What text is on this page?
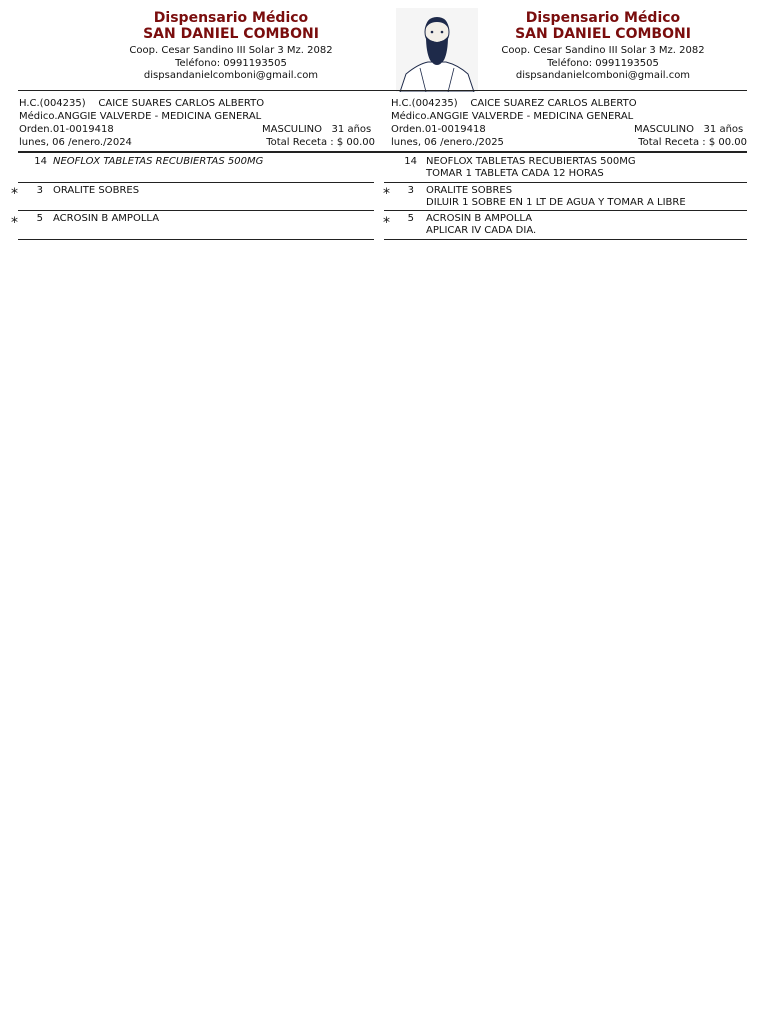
Dispensario Médico
SAN DANIEL COMBONI
Coop. Cesar Sandino III Solar 3 Mz. 2082
Teléfono: 0991193505
dispsandanielcomboni@gmail.com
Dispensario Médico
SAN DANIEL COMBONI
Coop. Cesar Sandino III Solar 3 Mz. 2082
Teléfono: 0991193505
dispsandanielcomboni@gmail.com
H.C.(004235) CAICE SUARES CARLOS ALBERTO
Médico.ANGGIE VALVERDE - MEDICINA GENERAL
Orden.01-0019418	MASCULINO 31 años
lunes, 06 /enero./2024	Total Receta : $ 00.00
H.C.(004235) CAICE SUAREZ CARLOS ALBERTO
Médico.ANGGIE VALVERDE - MEDICINA GENERAL
Orden.01-0019418	MASCULINO 31 años
lunes, 06 /enero./2025	Total Receta : $ 00.00
14 NEOFLOX TABLETAS RECUBIERTAS 500MG
*	3 ORALITE SOBRES
*	5 ACROSIN B AMPOLLA
14 NEOFLOX TABLETAS RECUBIERTAS 500MG
TOMAR 1 TABLETA CADA 12 HORAS
*	3 ORALITE SOBRES
DILUIR 1 SOBRE EN 1 LT DE AGUA Y TOMAR A LIBRE
*	5 ACROSIN B AMPOLLA
APLICAR IV CADA DIA.
